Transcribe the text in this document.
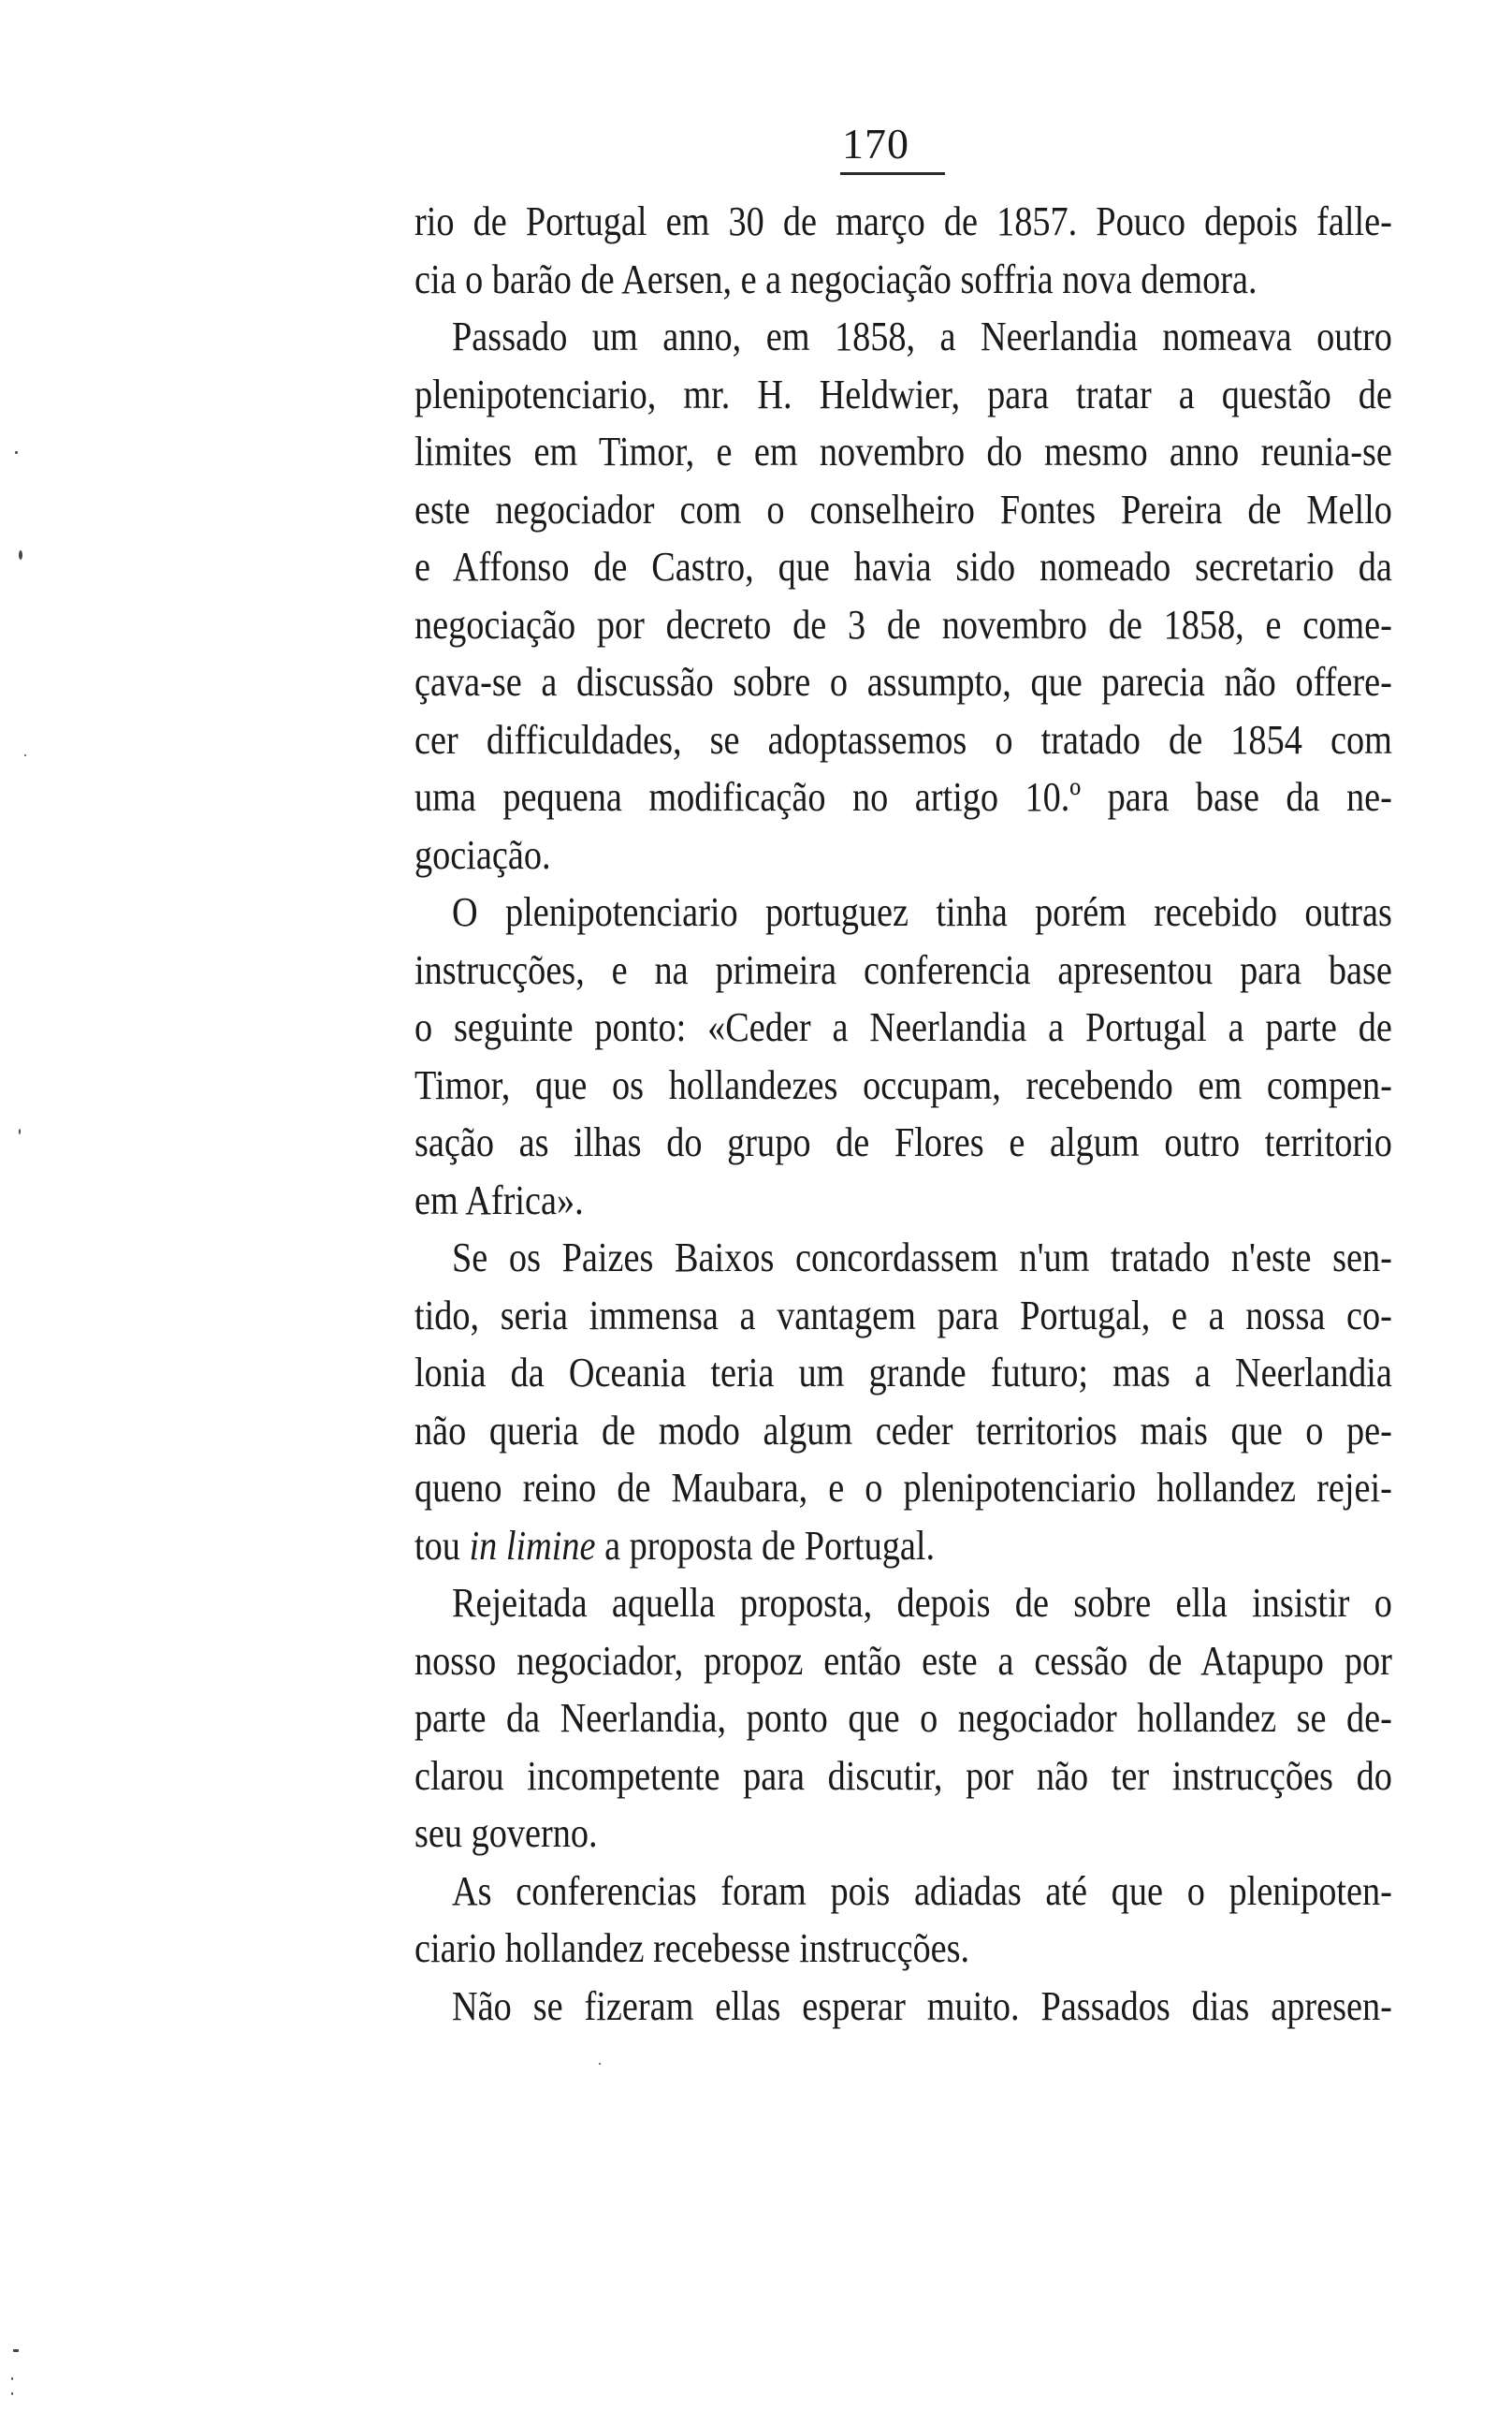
170
rio de Portugal em 30 de março de 1857. Pouco depois falle-
cia o barão de Aersen, e a negociação soffria nova demora.
Passado um anno, em 1858, a Neerlandia nomeava outro
plenipotenciario, mr. H. Heldwier, para tratar a questão de
limites em Timor, e em novembro do mesmo anno reunia-se
este negociador com o conselheiro Fontes Pereira de Mello
e Affonso de Castro, que havia sido nomeado secretario da
negociação por decreto de 3 de novembro de 1858, e come-
çava-se a discussão sobre o assumpto, que parecia não offere-
cer difficuldades, se adoptassemos o tratado de 1854 com
uma pequena modificação no artigo 10.º para base da ne-
gociação.
O plenipotenciario portuguez tinha porém recebido outras
instrucções, e na primeira conferencia apresentou para base
o seguinte ponto: «Ceder a Neerlandia a Portugal a parte de
Timor, que os hollandezes occupam, recebendo em compen-
sação as ilhas do grupo de Flores e algum outro territorio
em Africa».
Se os Paizes Baixos concordassem n'um tratado n'este sen-
tido, seria immensa a vantagem para Portugal, e a nossa co-
lonia da Oceania teria um grande futuro; mas a Neerlandia
não queria de modo algum ceder territorios mais que o pe-
queno reino de Maubara, e o plenipotenciario hollandez rejei-
tou in limine a proposta de Portugal.
Rejeitada aquella proposta, depois de sobre ella insistir o
nosso negociador, propoz então este a cessão de Atapupo por
parte da Neerlandia, ponto que o negociador hollandez se de-
clarou incompetente para discutir, por não ter instrucções do
seu governo.
As conferencias foram pois adiadas até que o plenipoten-
ciario hollandez recebesse instrucções.
Não se fizeram ellas esperar muito. Passados dias apresen-
